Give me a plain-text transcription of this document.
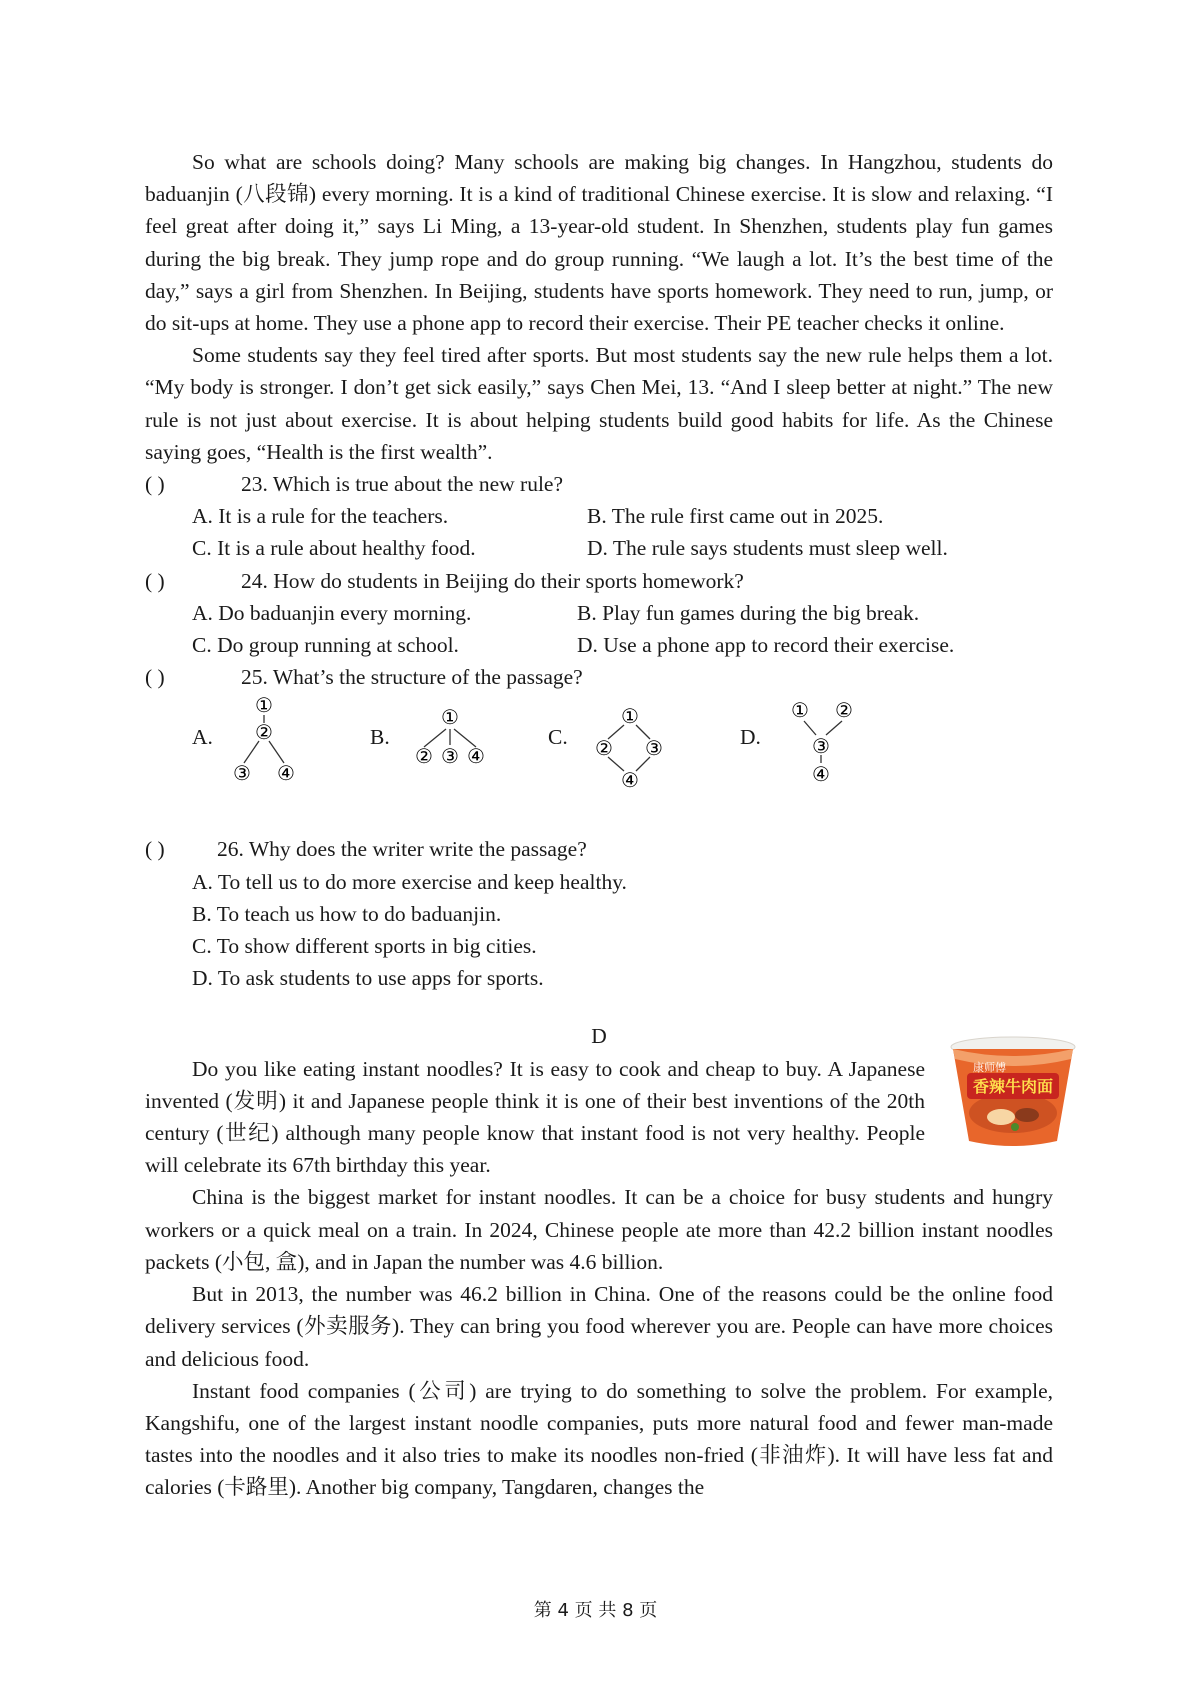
So what are schools doing? Many schools are making big changes. In Hangzhou, students do baduanjin (八段锦) every morning. It is a kind of traditional Chinese exercise. It is slow and relaxing. “I feel great after doing it,” says Li Ming, a 13-year-old student. In Shenzhen, students play fun games during the big break. They jump rope and do group running. “We laugh a lot. It’s the best time of the day,” says a girl from Shenzhen. In Beijing, students have sports homework. They need to run, jump, or do sit-ups at home. They use a phone app to record their exercise. Their PE teacher checks it online.

Some students say they feel tired after sports. But most students say the new rule helps them a lot. “My body is stronger. I don’t get sick easily,” says Chen Mei, 13. “And I sleep better at night.” The new rule is not just about exercise. It is about helping students build good habits for life. As the Chinese saying goes, “Health is the first wealth”.

( )	23. Which is true about the new rule?

A. It is a rule for the teachers.	B. The rule first came out in 2025.
C. It is a rule about healthy food.	D. The rule says students must sleep well.

( )	24. How do students in Beijing do their sports homework?

A. Do baduanjin every morning.	B. Play fun games during the big break.
C. Do group running at school.	D. Use a phone app to record their exercise.

( )	25. What’s the structure of the passage?

A.
①
②
③ ④
B.
①
② ③ ④
C.
①
② ③
④
D.
① ②
③
④

( ) 26. Why does the writer write the passage?

A. To tell us to do more exercise and keep healthy.
B. To teach us how to do baduanjin.
C. To show different sports in big cities.
D. To ask students to use apps for sports.
D

Do you like eating instant noodles? It is easy to cook and cheap to buy. A Japanese invented (发明) it and Japanese people think it is one of their best inventions of the 20th century (世纪) although many people know that instant food is not very healthy. People will celebrate its 67th birthday this year.

康师傅
香辣牛肉面

China is the biggest market for instant noodles. It can be a choice for busy students and hungry workers or a quick meal on a train. In 2024, Chinese people ate more than 42.2 billion instant noodles packets (小包, 盒), and in Japan the number was 4.6 billion.

But in 2013, the number was 46.2 billion in China. One of the reasons could be the online food delivery services (外卖服务). They can bring you food wherever you are. People can have more choices and delicious food.

Instant food companies (公司) are trying to do something to solve the problem. For example, Kangshifu, one of the largest instant noodle companies, puts more natural food and fewer man-made tastes into the noodles and it also tries to make its noodles non-fried (非油炸). It will have less fat and calories (卡路里). Another big company, Tangdaren, changes the

第 4 页 共 8 页
